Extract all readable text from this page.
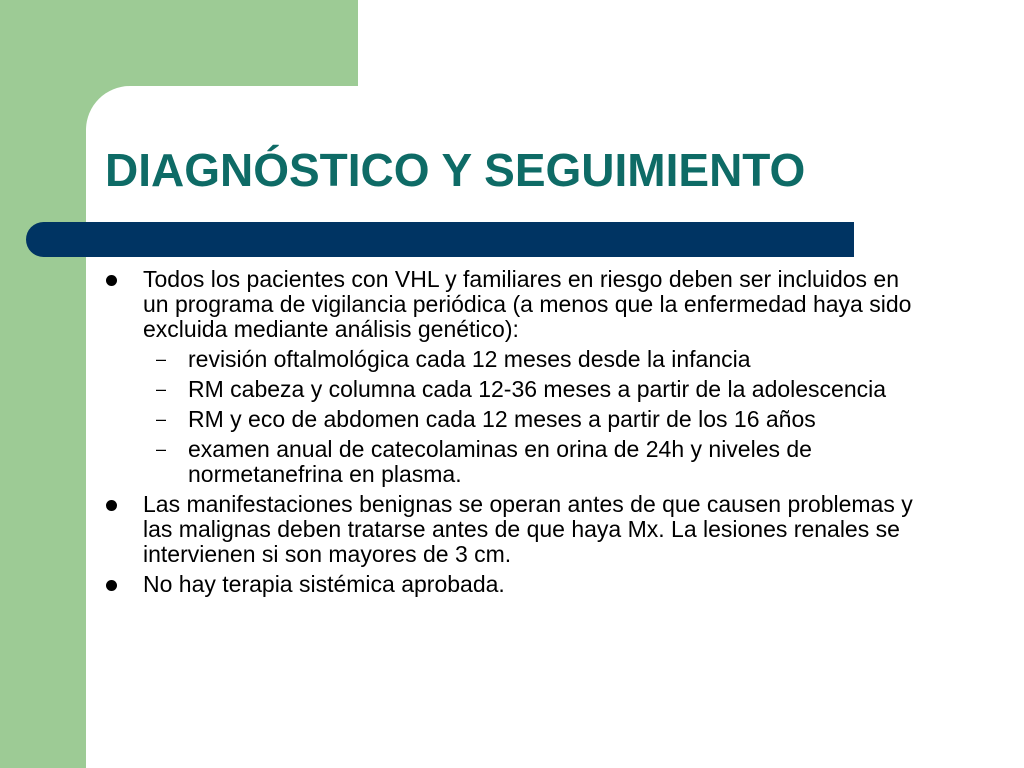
DIAGNÓSTICO Y SEGUIMIENTO
Todos los pacientes con VHL y familiares en riesgo deben ser incluidos en un programa de vigilancia periódica (a menos que la enfermedad haya sido excluida mediante análisis genético):
– revisión oftalmológica cada 12 meses desde la infancia
– RM cabeza y columna cada 12-36 meses a partir de la adolescencia
– RM y eco de abdomen cada 12 meses a partir de los 16 años
– examen anual de catecolaminas en orina de 24h y niveles de normetanefrina en plasma.
Las manifestaciones benignas se operan antes de que causen problemas y las malignas deben tratarse antes de que haya Mx. La lesiones renales se intervienen si son mayores de 3 cm.
No hay terapia sistémica aprobada.
